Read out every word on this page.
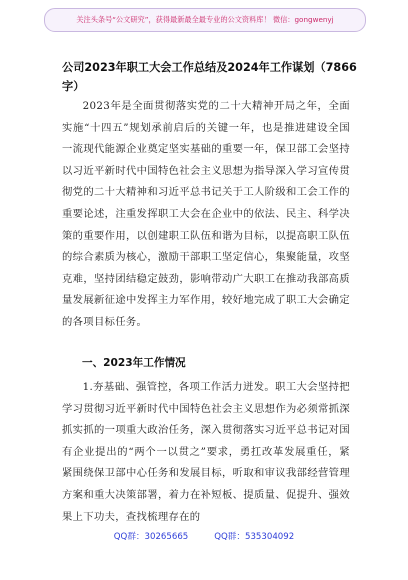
关注头条号“公文研究”，获得最新最全最专业的公文资料库！ 微信：gongwenyj
公司2023年职工大会工作总结及2024年工作谋划（7866字）

2023年是全面贯彻落实党的二十大精神开局之年，全面实施“十四五”规划承前启后的关键一年，也是推进建设全国一流现代能源企业奠定坚实基础的重要一年，保卫部工会坚持以习近平新时代中国特色社会主义思想为指导深入学习宣传贯彻党的二十大精神和习近平总书记关于工人阶级和工会工作的重要论述，注重发挥职工大会在企业中的依法、民主、科学决策的重要作用，以创建职工队伍和谐为目标，以提高职工队伍的综合素质为核心，激励干部职工坚定信心，集聚能量，攻坚克难，坚持团结稳定鼓劲，影响带动广大职工在推动我部高质量发展新征途中发挥主力军作用，较好地完成了职工大会确定的各项目标任务。

一、2023年工作情况

1.夯基础、强管控，各项工作活力迸发。职工大会坚持把学习贯彻习近平新时代中国特色社会主义思想作为必须常抓深抓实抓的一项重大政治任务，深入贯彻落实习近平总书记对国有企业提出的“两个一以贯之”要求，勇扛改革发展重任，紧紧围绕保卫部中心任务和发展目标，听取和审议我部经营管理方案和重大决策部署，着力在补短板、提质量、促提升、强效果上下功夫，查找梳理存在的

QQ群：30265665	QQ群：535304092
